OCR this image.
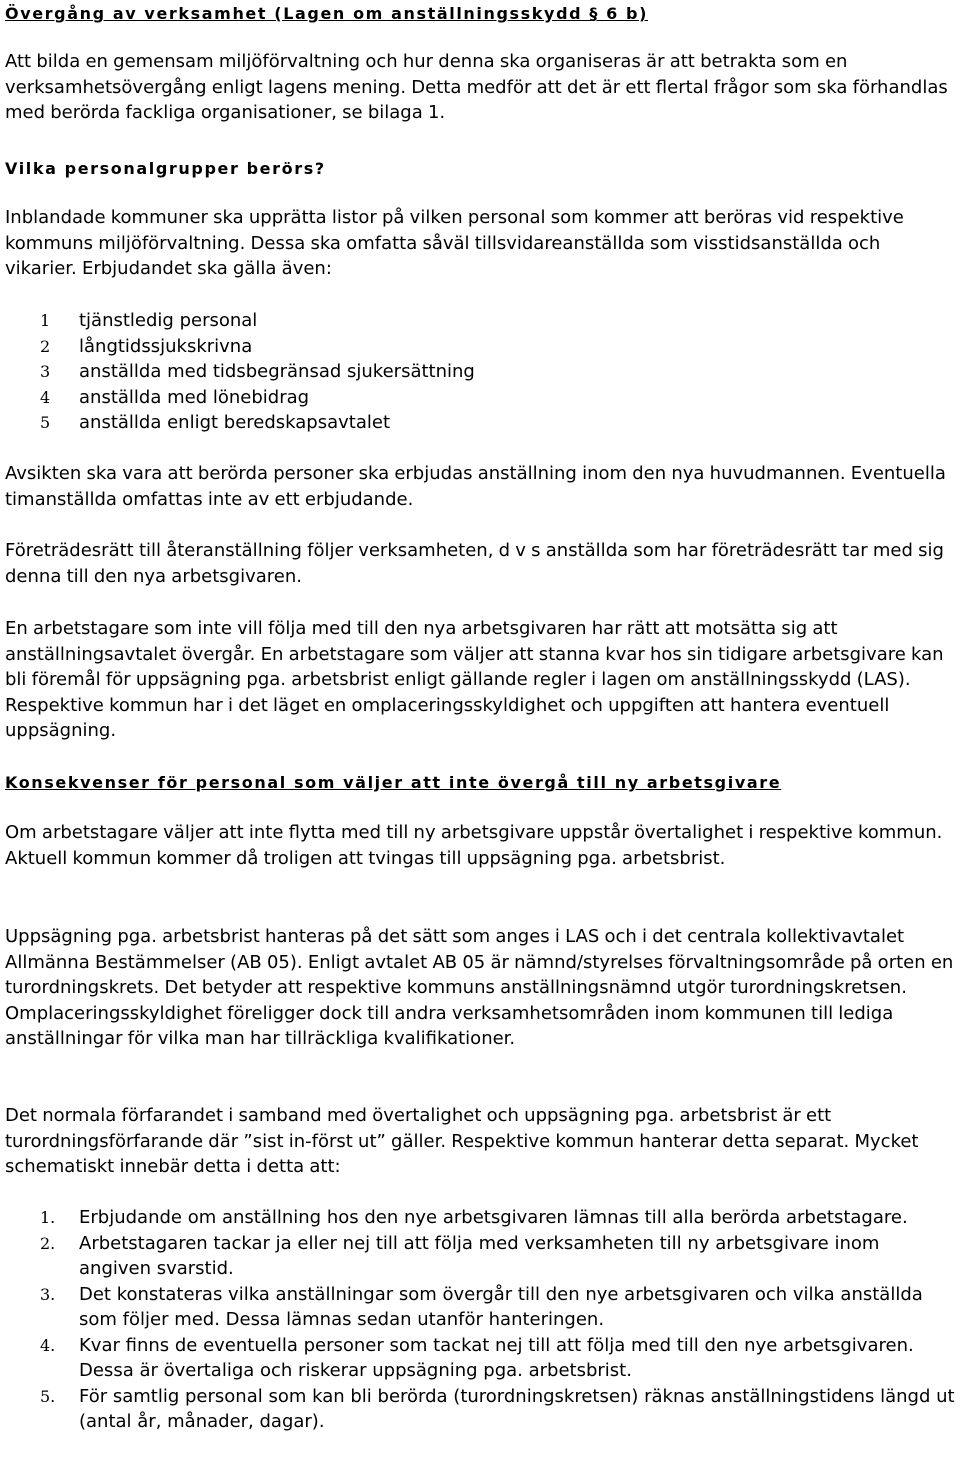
Övergång av verksamhet (Lagen om anställningsskydd § 6 b)

Att bilda en gemensam miljöförvaltning och hur denna ska organiseras är att betrakta som en verksamhetsövergång enligt lagens mening. Detta medför att det är ett flertal frågor som ska förhandlas med berörda fackliga organisationer, se bilaga 1.

Vilka personalgrupper berörs?

Inblandade kommuner ska upprätta listor på vilken personal som kommer att beröras vid respektive kommuns miljöförvaltning. Dessa ska omfatta såväl tillsvidareanställda som visstidsanställda och vikarier. Erbjudandet ska gälla även:

1 tjänstledig personal
2 långtidssjukskrivna
3 anställda med tidsbegränsad sjukersättning
4 anställda med lönebidrag
5 anställda enligt beredskapsavtalet

Avsikten ska vara att berörda personer ska erbjudas anställning inom den nya huvudmannen. Eventuella timanställda omfattas inte av ett erbjudande.

Företrädesrätt till återanställning följer verksamheten, d v s anställda som har företrädesrätt tar med sig denna till den nya arbetsgivaren.

En arbetstagare som inte vill följa med till den nya arbetsgivaren har rätt att motsätta sig att anställningsavtalet övergår. En arbetstagare som väljer att stanna kvar hos sin tidigare arbetsgivare kan bli föremål för uppsägning pga. arbetsbrist enligt gällande regler i lagen om anställningsskydd (LAS). Respektive kommun har i det läget en omplaceringsskyldighet och uppgiften att hantera eventuell uppsägning.

Konsekvenser för personal som väljer att inte övergå till ny arbetsgivare

Om arbetstagare väljer att inte flytta med till ny arbetsgivare uppstår övertalighet i respektive kommun. Aktuell kommun kommer då troligen att tvingas till uppsägning pga. arbetsbrist.

Uppsägning pga. arbetsbrist hanteras på det sätt som anges i LAS och i det centrala kollektivavtalet Allmänna Bestämmelser (AB 05). Enligt avtalet AB 05 är nämnd/styrelses förvaltningsområde på orten en turordningskrets. Det betyder att respektive kommuns anställningsnämnd utgör turordningskretsen. Omplaceringsskyldighet föreligger dock till andra verksamhetsområden inom kommunen till lediga anställningar för vilka man har tillräckliga kvalifikationer.

Det normala förfarandet i samband med övertalighet och uppsägning pga. arbetsbrist är ett turordningsförfarande där ”sist in-först ut” gäller. Respektive kommun hanterar detta separat. Mycket schematiskt innebär detta i detta att:

1. Erbjudande om anställning hos den nye arbetsgivaren lämnas till alla berörda arbetstagare.
2. Arbetstagaren tackar ja eller nej till att följa med verksamheten till ny arbetsgivare inom angiven svarstid.
3. Det konstateras vilka anställningar som övergår till den nye arbetsgivaren och vilka anställda som följer med. Dessa lämnas sedan utanför hanteringen.
4. Kvar finns de eventuella personer som tackat nej till att följa med till den nye arbetsgivaren. Dessa är övertaliga och riskerar uppsägning pga. arbetsbrist.
5. För samtlig personal som kan bli berörda (turordningskretsen) räknas anställningstidens längd ut (antal år, månader, dagar).
